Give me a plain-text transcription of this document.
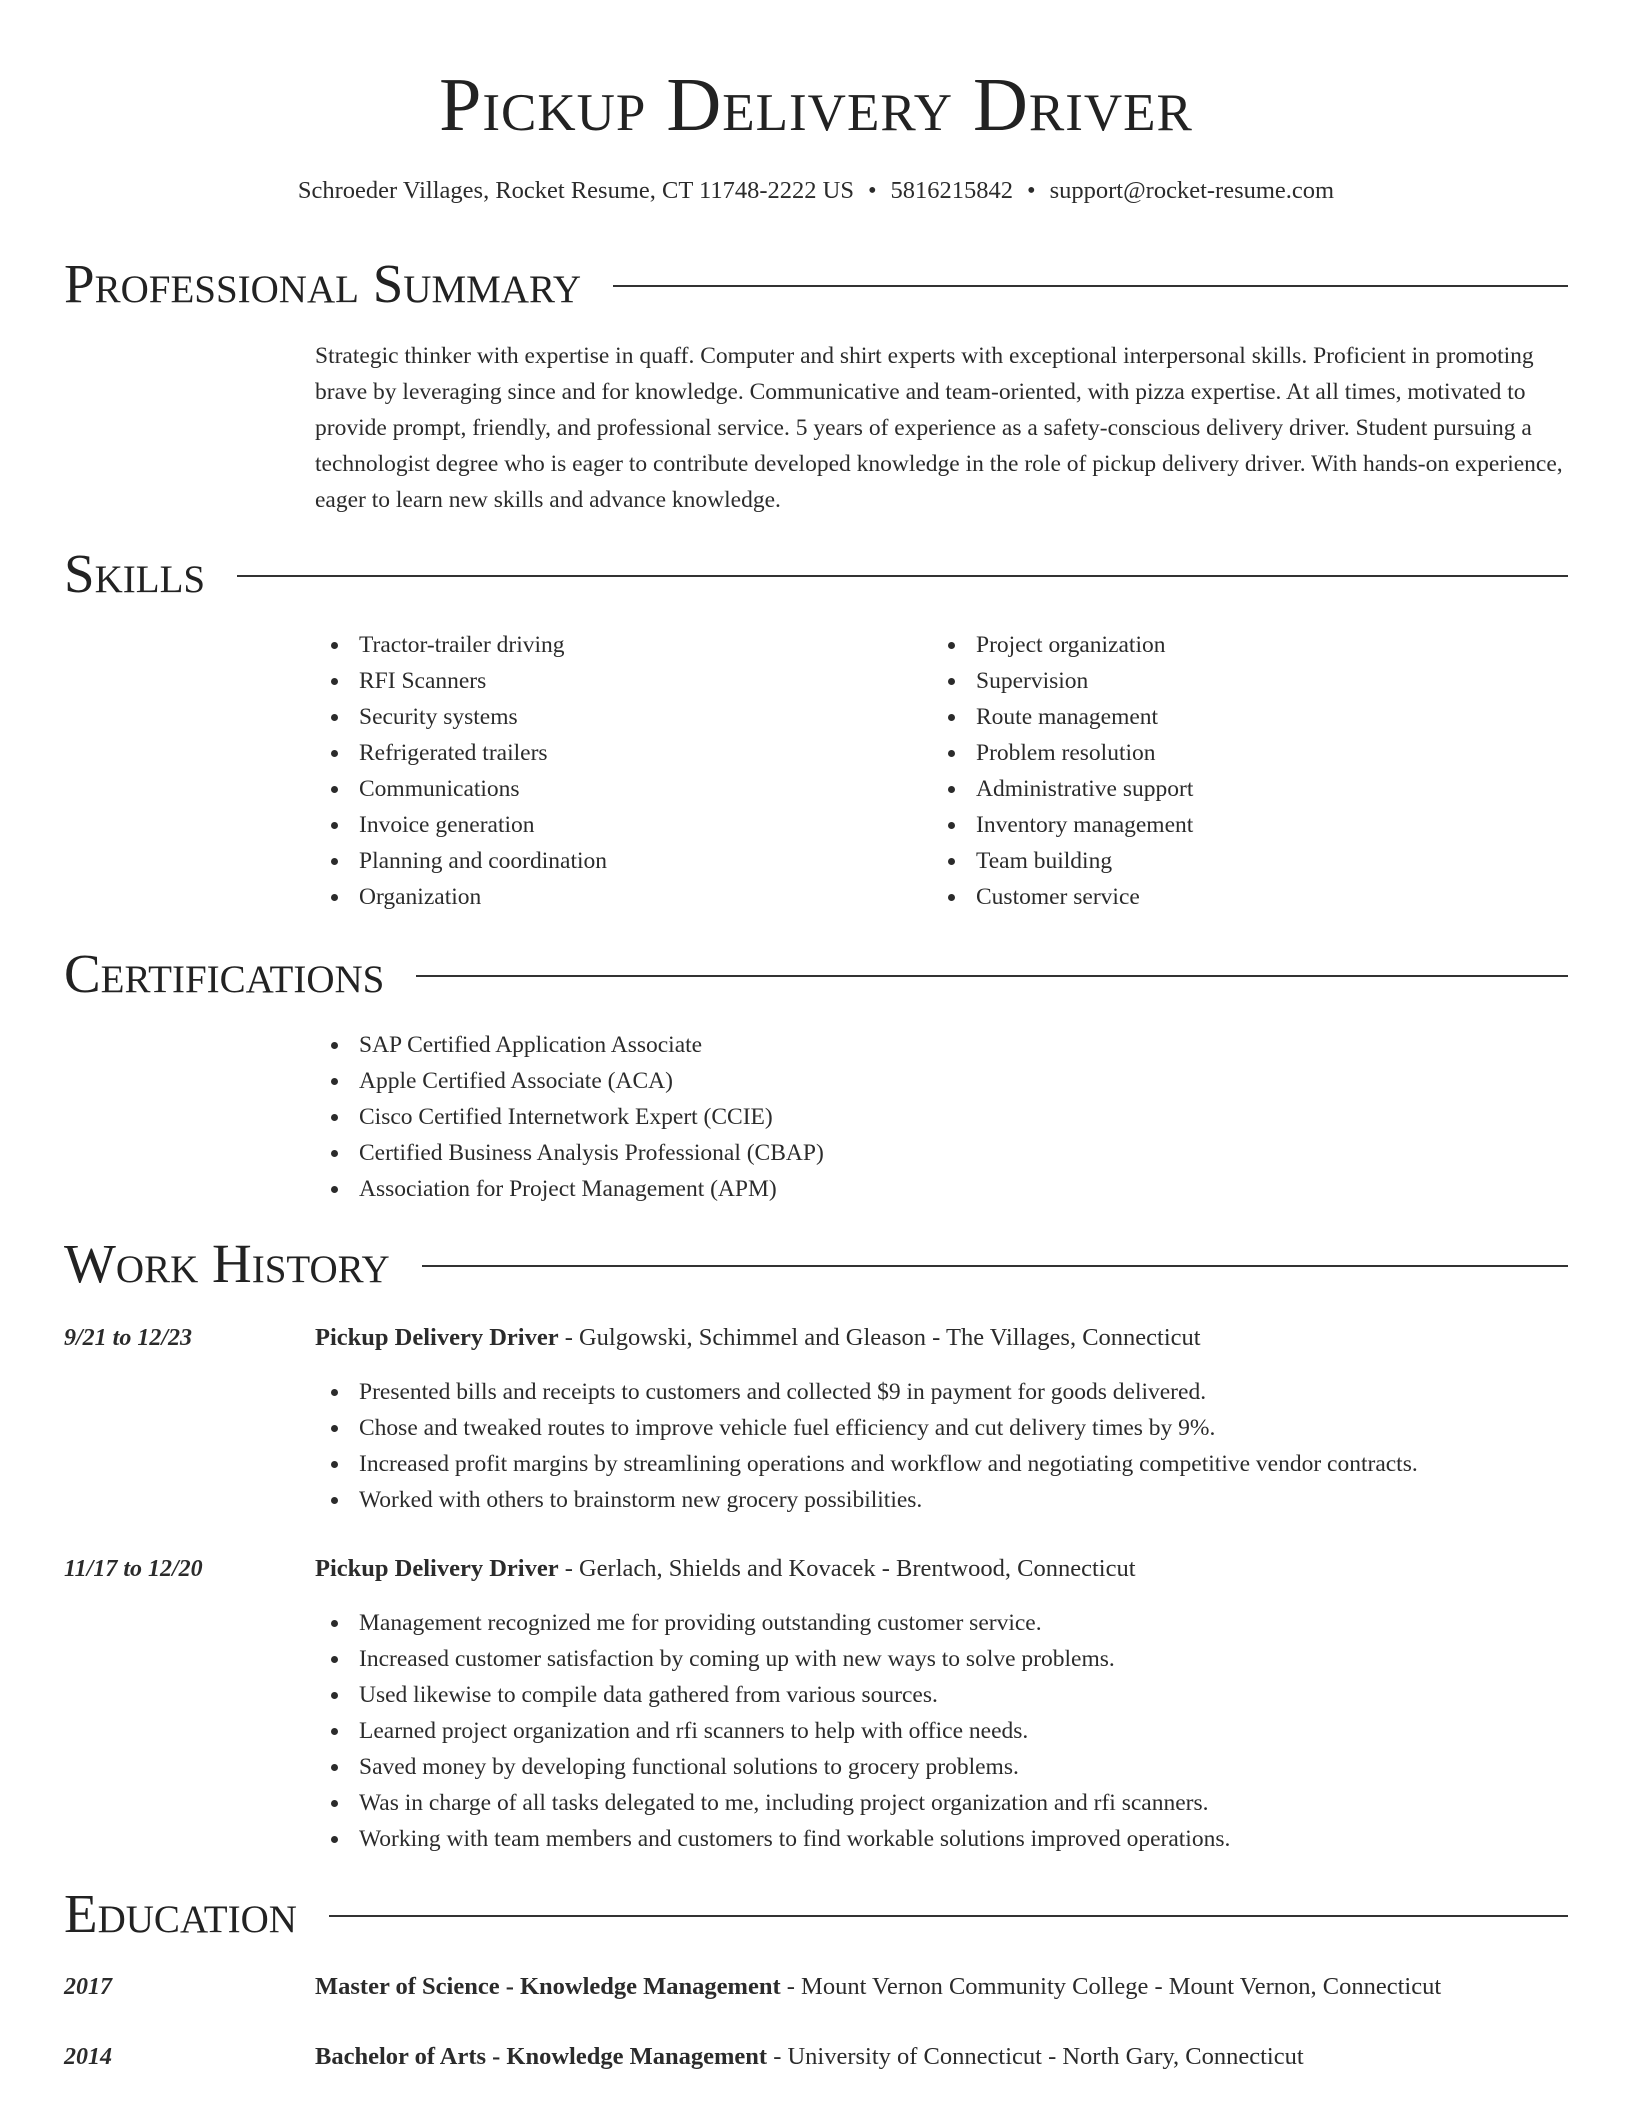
Pickup Delivery Driver
Schroeder Villages, Rocket Resume, CT 11748-2222 US • 5816215842 • support@rocket-resume.com
Professional Summary

Strategic thinker with expertise in quaff. Computer and shirt experts with exceptional interpersonal skills. Proficient in promoting brave by leveraging since and for knowledge. Communicative and team-oriented, with pizza expertise. At all times, motivated to provide prompt, friendly, and professional service. 5 years of experience as a safety-conscious delivery driver. Student pursuing a technologist degree who is eager to contribute developed knowledge in the role of pickup delivery driver. With hands-on experience, eager to learn new skills and advance knowledge.

Skills
Tractor-trailer driving
RFI Scanners
Security systems
Refrigerated trailers
Communications
Invoice generation
Planning and coordination
Organization
Project organization
Supervision
Route management
Problem resolution
Administrative support
Inventory management
Team building
Customer service
Certifications
SAP Certified Application Associate
Apple Certified Associate (ACA)
Cisco Certified Internetwork Expert (CCIE)
Certified Business Analysis Professional (CBAP)
Association for Project Management (APM)
Work History
9/21 to 12/23	Pickup Delivery Driver - Gulgowski, Schimmel and Gleason - The Villages, Connecticut
Presented bills and receipts to customers and collected $9 in payment for goods delivered.
Chose and tweaked routes to improve vehicle fuel efficiency and cut delivery times by 9%.
Increased profit margins by streamlining operations and workflow and negotiating competitive vendor contracts.
Worked with others to brainstorm new grocery possibilities.
11/17 to 12/20	Pickup Delivery Driver - Gerlach, Shields and Kovacek - Brentwood, Connecticut
Management recognized me for providing outstanding customer service.
Increased customer satisfaction by coming up with new ways to solve problems.
Used likewise to compile data gathered from various sources.
Learned project organization and rfi scanners to help with office needs.
Saved money by developing functional solutions to grocery problems.
Was in charge of all tasks delegated to me, including project organization and rfi scanners.
Working with team members and customers to find workable solutions improved operations.
Education
2017	Master of Science - Knowledge Management - Mount Vernon Community College - Mount Vernon, Connecticut
2014	Bachelor of Arts - Knowledge Management - University of Connecticut - North Gary, Connecticut
